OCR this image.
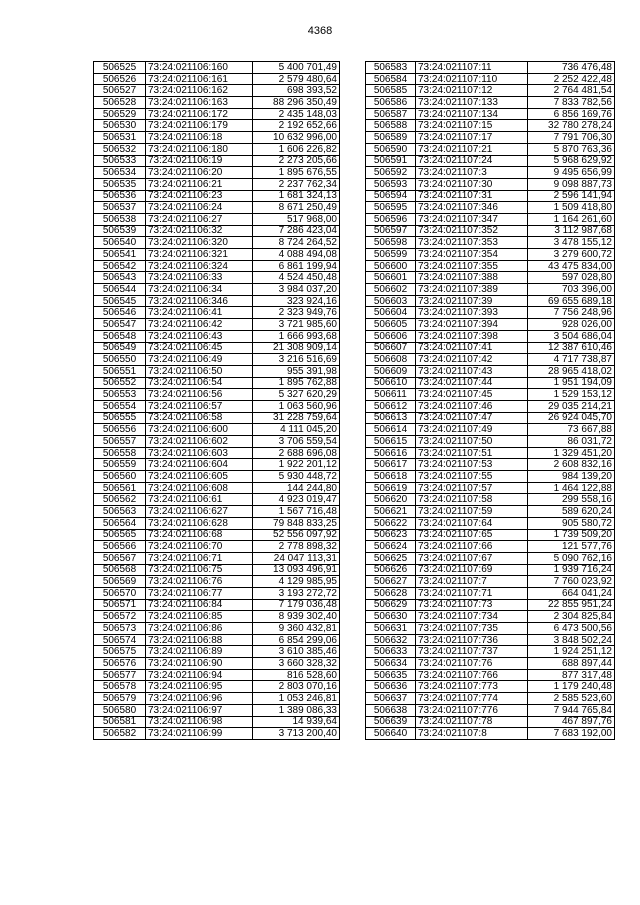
4368
506525	73:24:021106:160	5 400 701,49
506526	73:24:021106:161	2 579 480,64
506527	73:24:021106:162	698 393,52
506528	73:24:021106:163	88 296 350,49
506529	73:24:021106:172	2 435 148,03
506530	73:24:021106:179	2 192 652,66
506531	73:24:021106:18	10 632 996,00
506532	73:24:021106:180	1 606 226,82
506533	73:24:021106:19	2 273 205,66
506534	73:24:021106:20	1 895 676,55
506535	73:24:021106:21	2 237 762,34
506536	73:24:021106:23	1 681 324,13
506537	73:24:021106:24	8 671 250,49
506538	73:24:021106:27	517 968,00
506539	73:24:021106:32	7 286 423,04
506540	73:24:021106:320	8 724 264,52
506541	73:24:021106:321	4 088 494,08
506542	73:24:021106:324	6 861 199,94
506543	73:24:021106:33	4 524 450,48
506544	73:24:021106:34	3 984 037,20
506545	73:24:021106:346	323 924,16
506546	73:24:021106:41	2 323 949,76
506547	73:24:021106:42	3 721 985,60
506548	73:24:021106:43	1 666 993,68
506549	73:24:021106:45	21 308 909,14
506550	73:24:021106:49	3 216 516,69
506551	73:24:021106:50	955 391,98
506552	73:24:021106:54	1 895 762,88
506553	73:24:021106:56	5 327 620,29
506554	73:24:021106:57	1 063 560,96
506555	73:24:021106:58	31 228 759,64
506556	73:24:021106:600	4 111 045,20
506557	73:24:021106:602	3 706 559,54
506558	73:24:021106:603	2 688 696,08
506559	73:24:021106:604	1 922 201,12
506560	73:24:021106:605	5 930 448,72
506561	73:24:021106:608	144 244,80
506562	73:24:021106:61	4 923 019,47
506563	73:24:021106:627	1 567 716,48
506564	73:24:021106:628	79 848 833,25
506565	73:24:021106:68	52 556 097,92
506566	73:24:021106:70	2 778 898,32
506567	73:24:021106:71	24 047 113,31
506568	73:24:021106:75	13 093 496,91
506569	73:24:021106:76	4 129 985,95
506570	73:24:021106:77	3 193 272,72
506571	73:24:021106:84	7 179 036,48
506572	73:24:021106:85	8 939 302,40
506573	73:24:021106:86	9 360 432,81
506574	73:24:021106:88	6 854 299,06
506575	73:24:021106:89	3 610 385,46
506576	73:24:021106:90	3 660 328,32
506577	73:24:021106:94	816 528,60
506578	73:24:021106:95	2 803 070,16
506579	73:24:021106:96	1 053 246,81
506580	73:24:021106:97	1 389 086,33
506581	73:24:021106:98	14 939,64
506582	73:24:021106:99	3 713 200,40
506583	73:24:021107:11	736 476,48
506584	73:24:021107:110	2 252 422,48
506585	73:24:021107:12	2 764 481,54
506586	73:24:021107:133	7 833 782,56
506587	73:24:021107:134	6 856 169,76
506588	73:24:021107:15	32 780 278,24
506589	73:24:021107:17	7 791 706,30
506590	73:24:021107:21	5 870 763,36
506591	73:24:021107:24	5 968 629,92
506592	73:24:021107:3	9 495 656,99
506593	73:24:021107:30	9 098 887,73
506594	73:24:021107:31	2 596 141,94
506595	73:24:021107:346	1 509 418,80
506596	73:24:021107:347	1 164 261,60
506597	73:24:021107:352	3 112 987,68
506598	73:24:021107:353	3 478 155,12
506599	73:24:021107:354	3 279 600,72
506600	73:24:021107:355	43 475 834,00
506601	73:24:021107:388	597 028,80
506602	73:24:021107:389	703 396,00
506603	73:24:021107:39	69 655 689,18
506604	73:24:021107:393	7 756 248,96
506605	73:24:021107:394	928 026,00
506606	73:24:021107:398	3 504 686,04
506607	73:24:021107:41	12 387 610,46
506608	73:24:021107:42	4 717 738,87
506609	73:24:021107:43	28 965 418,02
506610	73:24:021107:44	1 951 194,09
506611	73:24:021107:45	1 529 153,12
506612	73:24:021107:46	29 035 214,21
506613	73:24:021107:47	26 924 045,70
506614	73:24:021107:49	73 667,88
506615	73:24:021107:50	86 031,72
506616	73:24:021107:51	1 329 451,20
506617	73:24:021107:53	2 608 832,16
506618	73:24:021107:55	984 139,20
506619	73:24:021107:57	1 464 122,88
506620	73:24:021107:58	299 558,16
506621	73:24:021107:59	589 620,24
506622	73:24:021107:64	905 580,72
506623	73:24:021107:65	1 739 509,20
506624	73:24:021107:66	121 577,76
506625	73:24:021107:67	5 090 762,16
506626	73:24:021107:69	1 939 716,24
506627	73:24:021107:7	7 760 023,92
506628	73:24:021107:71	664 041,24
506629	73:24:021107:73	22 855 951,24
506630	73:24:021107:734	2 304 825,84
506631	73:24:021107:735	6 473 500,56
506632	73:24:021107:736	3 848 502,24
506633	73:24:021107:737	1 924 251,12
506634	73:24:021107:76	688 897,44
506635	73:24:021107:766	877 317,48
506636	73:24:021107:773	1 179 240,48
506637	73:24:021107:774	2 585 523,60
506638	73:24:021107:776	7 944 765,84
506639	73:24:021107:78	467 897,76
506640	73:24:021107:8	7 683 192,00
